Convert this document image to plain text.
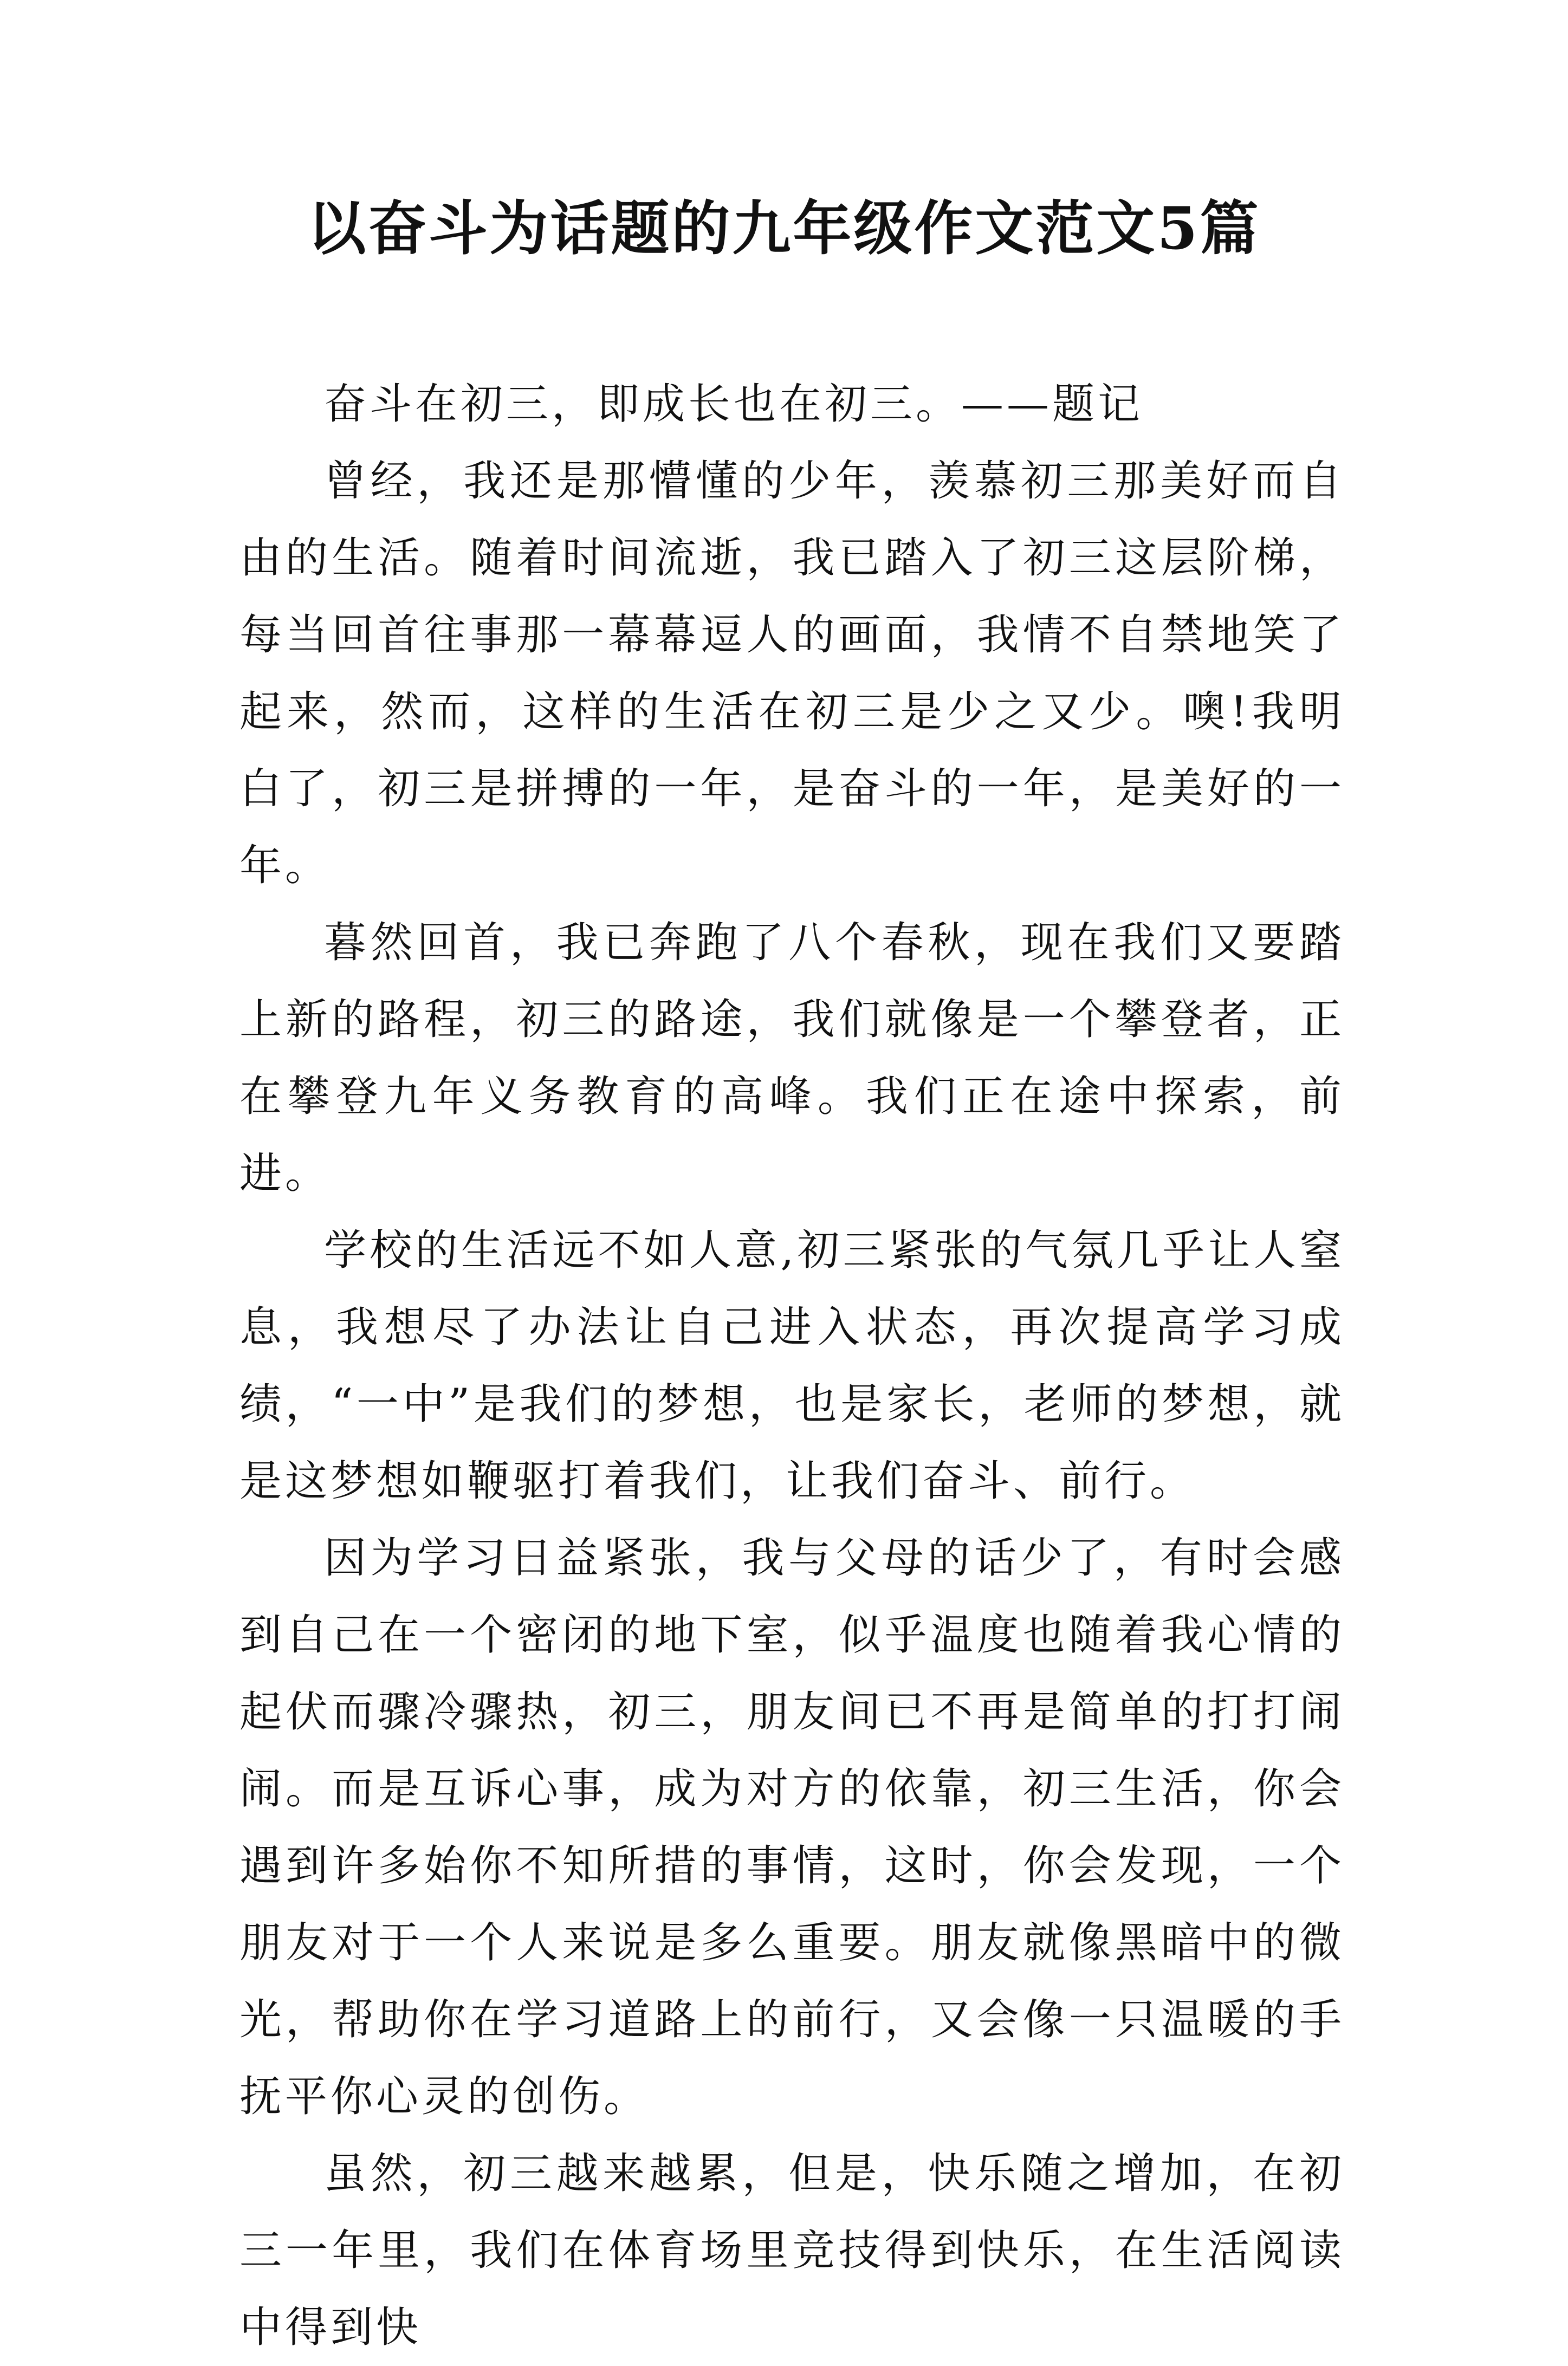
以奋斗为话题的九年级作文范文5篇

奋斗在初三，即成长也在初三。——题记

曾经，我还是那懵懂的少年，羡慕初三那美好而自由的生活。随着时间流逝，我已踏入了初三这层阶梯，每当回首往事那一幕幕逗人的画面，我情不自禁地笑了起来，然而，这样的生活在初三是少之又少。噢!我明白了，初三是拼搏的一年，是奋斗的一年，是美好的一年。

暮然回首，我已奔跑了八个春秋，现在我们又要踏上新的路程，初三的路途，我们就像是一个攀登者，正在攀登九年义务教育的高峰。我们正在途中探索，前进。

学校的生活远不如人意,初三紧张的气氛几乎让人窒息，我想尽了办法让自己进入状态，再次提高学习成绩，“一中”是我们的梦想，也是家长，老师的梦想，就是这梦想如鞭驱打着我们，让我们奋斗、前行。

因为学习日益紧张，我与父母的话少了，有时会感到自己在一个密闭的地下室，似乎温度也随着我心情的起伏而骤冷骤热，初三，朋友间已不再是简单的打打闹闹。而是互诉心事，成为对方的依靠，初三生活，你会遇到许多始你不知所措的事情，这时，你会发现，一个朋友对于一个人来说是多么重要。朋友就像黑暗中的微光，帮助你在学习道路上的前行，又会像一只温暖的手抚平你心灵的创伤。

虽然，初三越来越累，但是，快乐随之增加，在初三一年里，我们在体育场里竞技得到快乐，在生活阅读中得到快
